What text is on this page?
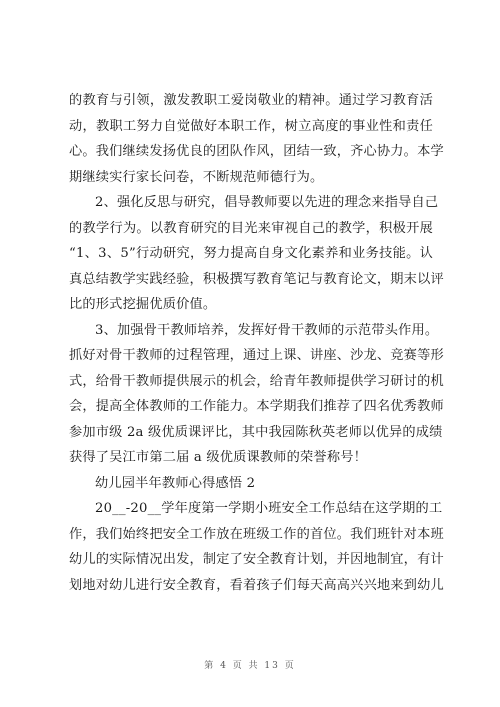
的教育与引领，激发教职工爱岗敬业的精神。通过学习教育活
动，教职工努力自觉做好本职工作，树立高度的事业性和责任
心。我们继续发扬优良的团队作风，团结一致，齐心协力。本学
期继续实行家长问卷，不断规范师德行为。
2、强化反思与研究，倡导教师要以先进的理念来指导自己
的教学行为。以教育研究的目光来审视自己的教学，积极开展
“1、3、5”行动研究，努力提高自身文化素养和业务技能。认
真总结教学实践经验，积极撰写教育笔记与教育论文，期末以评
比的形式挖掘优质价值。
3、加强骨干教师培养，发挥好骨干教师的示范带头作用。
抓好对骨干教师的过程管理，通过上课、讲座、沙龙、竞赛等形
式，给骨干教师提供展示的机会，给青年教师提供学习研讨的机
会，提高全体教师的工作能力。本学期我们推荐了四名优秀教师
参加市级 2a 级优质课评比，其中我园陈秋英老师以优异的成绩
获得了吴江市第二届 a 级优质课教师的荣誉称号！
幼儿园半年教师心得感悟 2
20__-20__学年度第一学期小班安全工作总结在这学期的工
作，我们始终把安全工作放在班级工作的首位。我们班针对本班
幼儿的实际情况出发，制定了安全教育计划，并因地制宜，有计
划地对幼儿进行安全教育，看着孩子们每天高高兴兴地来到幼儿
第 4 页 共 13 页
